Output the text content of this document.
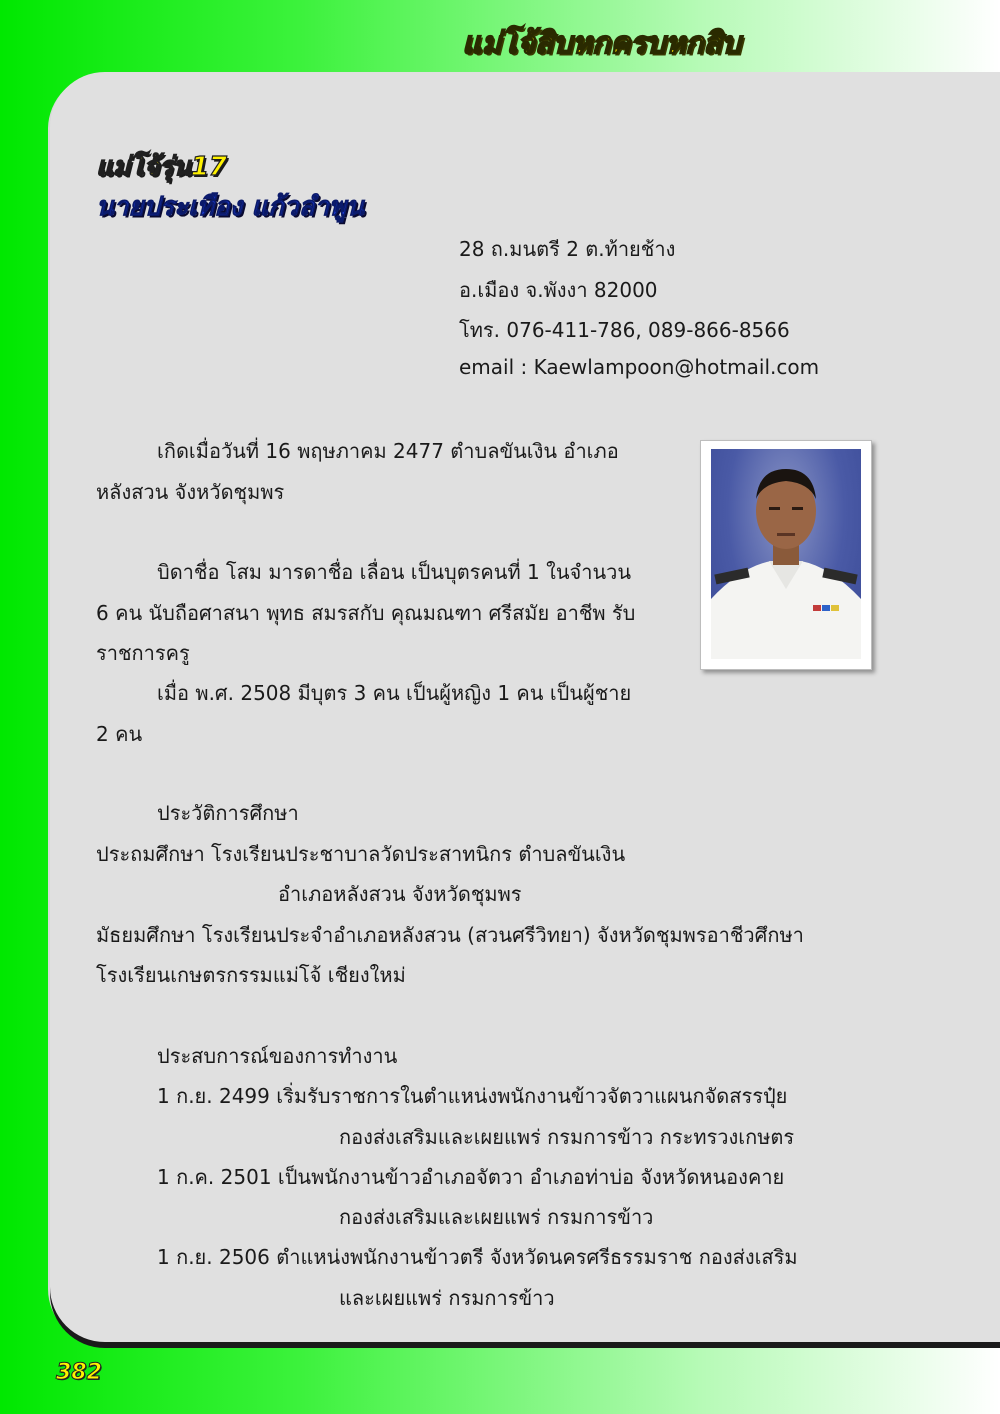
แม่โจ้สิบหกครบหกสิบ
แม่โจ้รุ่น17
นายประเทือง แก้วลำพูน
28 ถ.มนตรี 2 ต.ท้ายช้าง
อ.เมือง จ.พังงา 82000
โทร. 076-411-786, 089-866-8566
email : Kaewlampoon@hotmail.com
เกิดเมื่อวันที่ 16 พฤษภาคม 2477 ตำบลขันเงิน อำเภอ
หลังสวน จังหวัดชุมพร
บิดาชื่อ โสม มารดาชื่อ เลื่อน เป็นบุตรคนที่ 1 ในจำนวน
6 คน นับถือศาสนา พุทธ สมรสกับ คุณมณฑา ศรีสมัย อาชีพ รับ
ราชการครู
เมื่อ พ.ศ. 2508 มีบุตร 3 คน เป็นผู้หญิง 1 คน เป็นผู้ชาย
2 คน
ประวัติการศึกษา
ประถมศึกษา โรงเรียนประชาบาลวัดประสาทนิกร ตำบลขันเงิน
อำเภอหลังสวน จังหวัดชุมพร
มัธยมศึกษา โรงเรียนประจำอำเภอหลังสวน (สวนศรีวิทยา) จังหวัดชุมพรอาชีวศึกษา
โรงเรียนเกษตรกรรมแม่โจ้ เชียงใหม่
ประสบการณ์ของการทำงาน
1 ก.ย. 2499 เริ่มรับราชการในตำแหน่งพนักงานข้าวจัตวาแผนกจัดสรรปุ๋ย
กองส่งเสริมและเผยแพร่ กรมการข้าว กระทรวงเกษตร
1 ก.ค. 2501 เป็นพนักงานข้าวอำเภอจัตวา อำเภอท่าบ่อ จังหวัดหนองคาย
กองส่งเสริมและเผยแพร่ กรมการข้าว
1 ก.ย. 2506 ตำแหน่งพนักงานข้าวตรี จังหวัดนครศรีธรรมราช กองส่งเสริม
และเผยแพร่ กรมการข้าว
382
